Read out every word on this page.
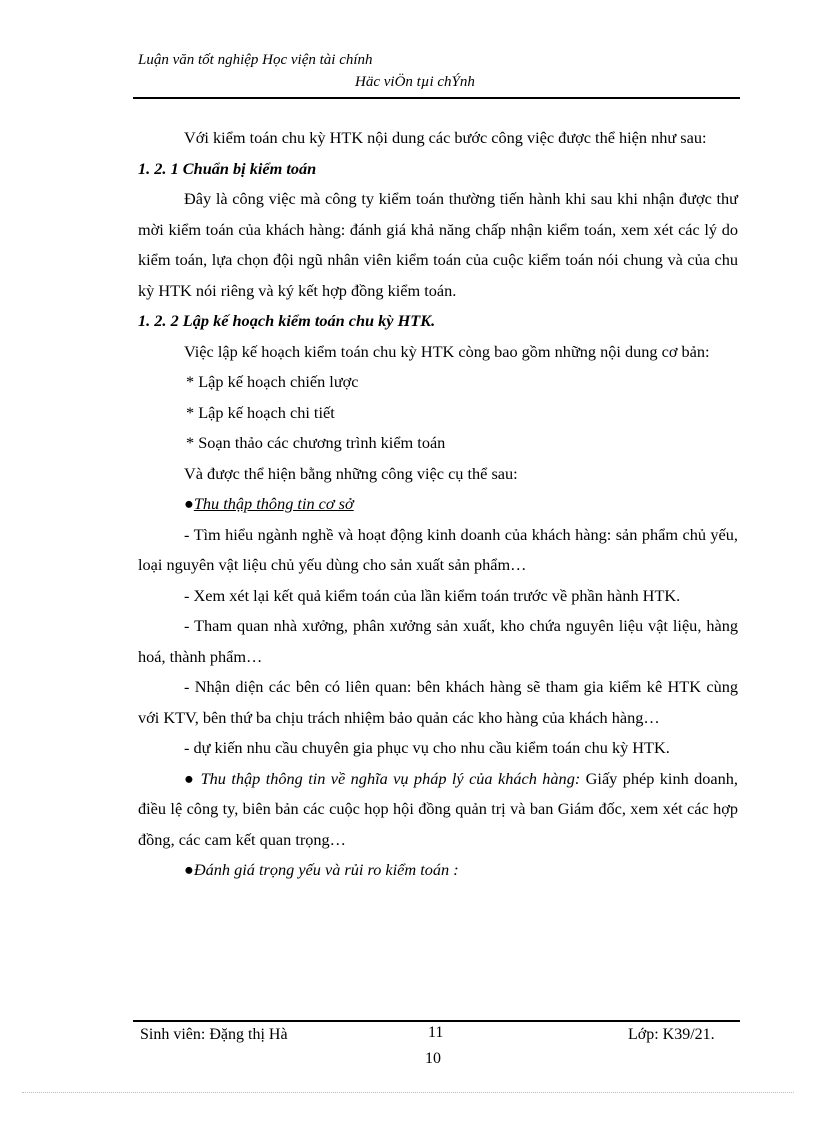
Luận văn tốt nghiệp Học viện tài chính
Häc viÖn tµi chÝnh

Với kiểm toán chu kỳ HTK nội dung các bước công việc được thể hiện như sau:

1. 2. 1 Chuẩn bị kiểm toán

Đây là công việc mà công ty kiểm toán thường tiến hành khi sau khi nhận được thư mời kiểm toán của khách hàng: đánh giá khả năng chấp nhận kiểm toán, xem xét các lý do kiểm toán, lựa chọn đội ngũ nhân viên kiểm toán của cuộc kiểm toán nói chung và của chu kỳ HTK nói riêng và ký kết hợp đồng kiểm toán.

1. 2. 2 Lập kế hoạch kiểm toán chu kỳ HTK.

Việc lập kế hoạch kiểm toán chu kỳ HTK còng bao gồm những nội dung cơ bản:

* Lập kế hoạch chiến lược
* Lập kế hoạch chi tiết
* Soạn thảo các chương trình kiểm toán

Và được thể hiện bằng những công việc cụ thể sau:

●Thu thập thông tin cơ sở

- Tìm hiểu ngành nghề và hoạt động kinh doanh của khách hàng: sản phẩm chủ yếu, loại nguyên vật liệu chủ yếu dùng cho sản xuất sản phẩm…

- Xem xét lại kết quả kiểm toán của lần kiểm toán trước về phần hành HTK.

- Tham quan nhà xưởng, phân xưởng sản xuất, kho chứa nguyên liệu vật liệu, hàng hoá, thành phẩm…

- Nhận diện các bên có liên quan: bên khách hàng sẽ tham gia kiểm kê HTK cùng với KTV, bên thứ ba chịu trách nhiệm bảo quản các kho hàng của khách hàng…

- dự kiến nhu cầu chuyên gia phục vụ cho nhu cầu kiểm toán chu kỳ HTK.

● Thu thập thông tin về nghĩa vụ pháp lý của khách hàng: Giấy phép kinh doanh, điều lệ công ty, biên bản các cuộc họp hội đồng quản trị và ban Giám đốc, xem xét các hợp đồng, các cam kết quan trọng…

●Đánh giá trọng yếu và rủi ro kiểm toán :

Sinh viên: Đặng thị Hà	11	Lớp: K39/21.
10
